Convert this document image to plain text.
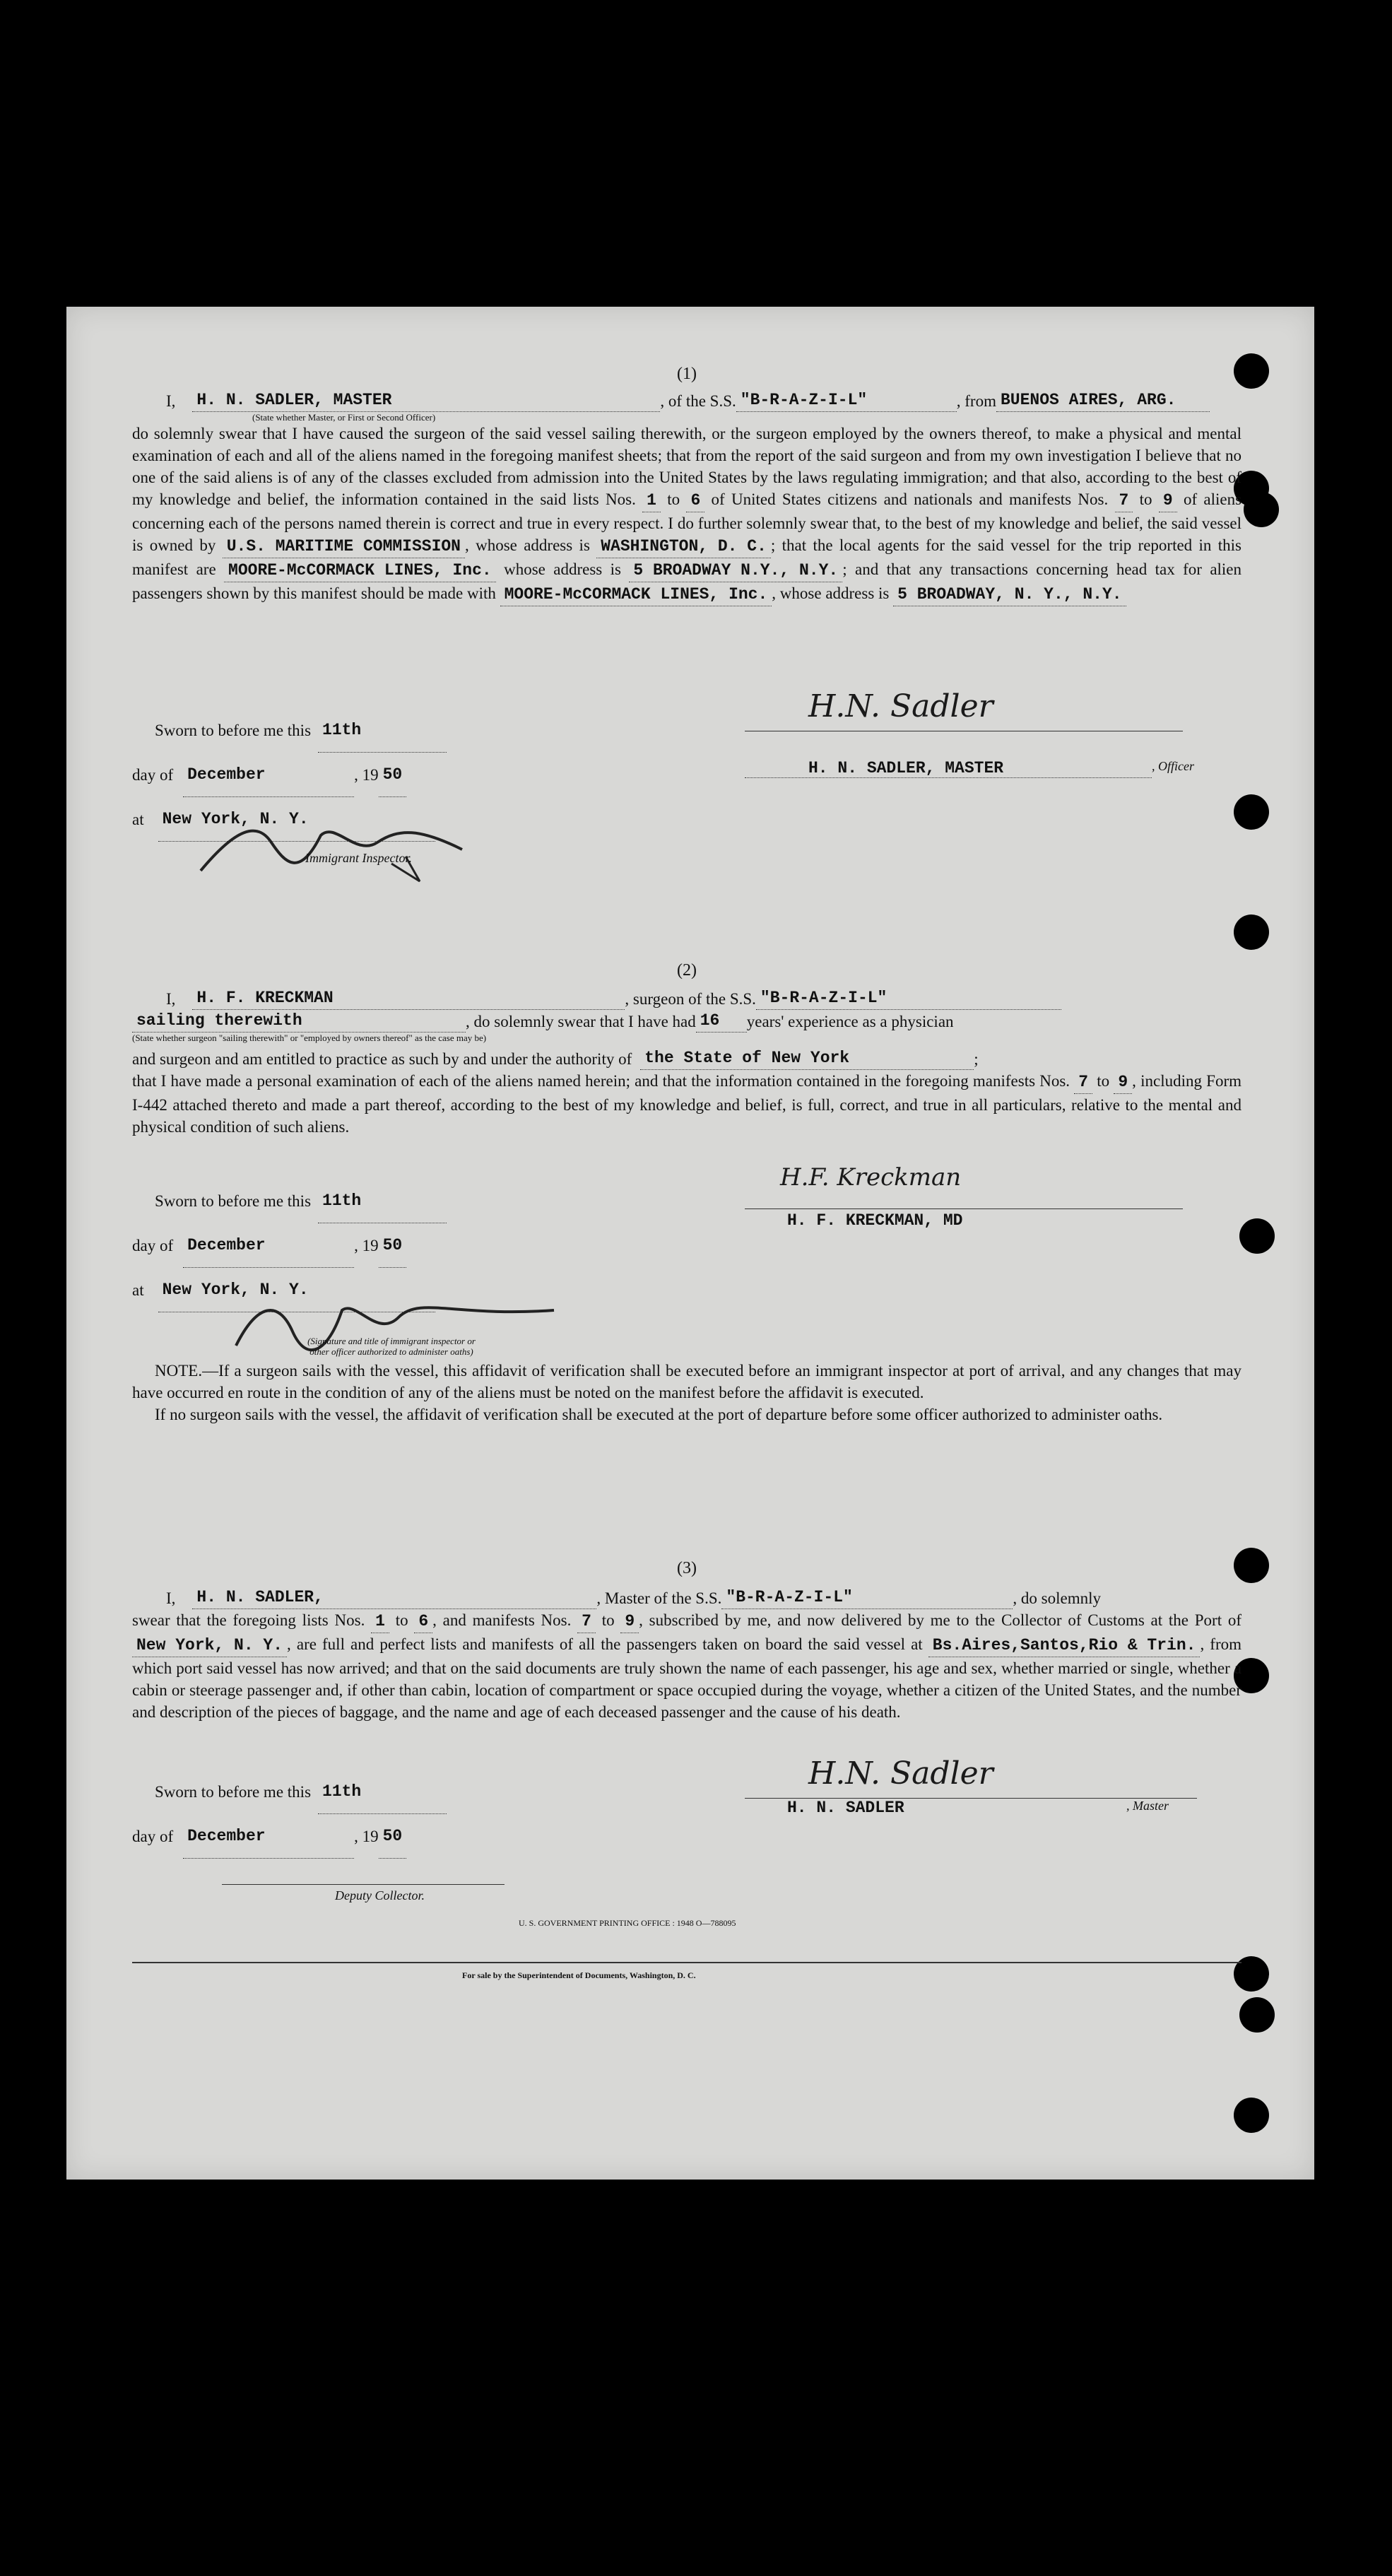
(1)
I, H. N. SADLER, MASTER	, of the S.S. "B-R-A-Z-I-L"	, from BUENOS AIRES, ARG.
(State whether Master, or First or Second Officer)

do solemnly swear that I have caused the surgeon of the said vessel sailing therewith, or the surgeon employed by the owners thereof, to make a physical and mental examination of each and all of the aliens named in the foregoing manifest sheets; that from the report of the said surgeon and from my own investigation I believe that no one of the said aliens is of any of the classes excluded from admission into the United States by the laws regulating immigration; and that also, according to the best of my knowledge and belief, the information contained in the said lists Nos. 1 to 6 of United States citizens and nationals and manifests Nos. 7 to 9 of aliens concerning each of the persons named therein is correct and true in every respect. I do further solemnly swear that, to the best of my knowledge and belief, the said vessel is owned by U.S. MARITIME COMMISSION , whose address is WASHINGTON, D. C. ; that the local agents for the said vessel for the trip reported in this manifest are MOORE-McCORMACK LINES, Inc. whose address is 5 BROADWAY N.Y., N.Y. ; and that any transactions concerning head tax for alien passengers shown by this manifest should be made with MOORE-McCORMACK LINES, Inc. , whose address is 5 BROADWAY, N. Y., N.Y.

Sworn to before me this 11th
day of December	, 19 50
at New York, N. Y.
Immigrant Inspector.
H.N. Sadler
H. N. SADLER, MASTER	, Officer
(2)
I, H. F. KRECKMAN	, surgeon of the S.S. "B-R-A-Z-I-L"
sailing therewith	, do solemnly swear that I have had 16	years' experience as a physician
(State whether surgeon "sailing therewith" or "employed by owners thereof" as the case may be)
and surgeon and am entitled to practice as such by and under the authority of the State of New York	;

that I have made a personal examination of each of the aliens named herein; and that the information contained in the foregoing manifests Nos. 7 to 9 , including Form I-442 attached thereto and made a part thereof, according to the best of my knowledge and belief, is full, correct, and true in all particulars, relative to the mental and physical condition of such aliens.

Sworn to before me this 11th
day of December	, 19 50
at New York, N. Y.
(Signature and title of immigrant inspector or other officer authorized to administer oaths)
H.F. Kreckman
H. F. KRECKMAN, MD

NOTE.—If a surgeon sails with the vessel, this affidavit of verification shall be executed before an immigrant inspector at port of arrival, and any changes that may have occurred en route in the condition of any of the aliens must be noted on the manifest before the affidavit is executed.

If no surgeon sails with the vessel, the affidavit of verification shall be executed at the port of departure before some officer authorized to administer oaths.

(3)
I, H. N. SADLER,	, Master of the S.S. "B-R-A-Z-I-L"	, do solemnly

swear that the foregoing lists Nos. 1 to 6 , and manifests Nos. 7 to 9 , subscribed by me, and now delivered by me to the Collector of Customs at the Port of New York, N. Y. , are full and perfect lists and manifests of all the passengers taken on board the said vessel at Bs.Aires,Santos,Rio & Trin. , from which port said vessel has now arrived; and that on the said documents are truly shown the name of each passenger, his age and sex, whether married or single, whether a cabin or steerage passenger and, if other than cabin, location of compartment or space occupied during the voyage, whether a citizen of the United States, and the number and description of the pieces of baggage, and the name and age of each deceased passenger and the cause of his death.

Sworn to before me this 11th
day of December	, 19 50
Deputy Collector.
H.N. Sadler
H. N. SADLER	, Master
U. S. GOVERNMENT PRINTING OFFICE : 1948 O—788095
For sale by the Superintendent of Documents, Washington, D. C.
